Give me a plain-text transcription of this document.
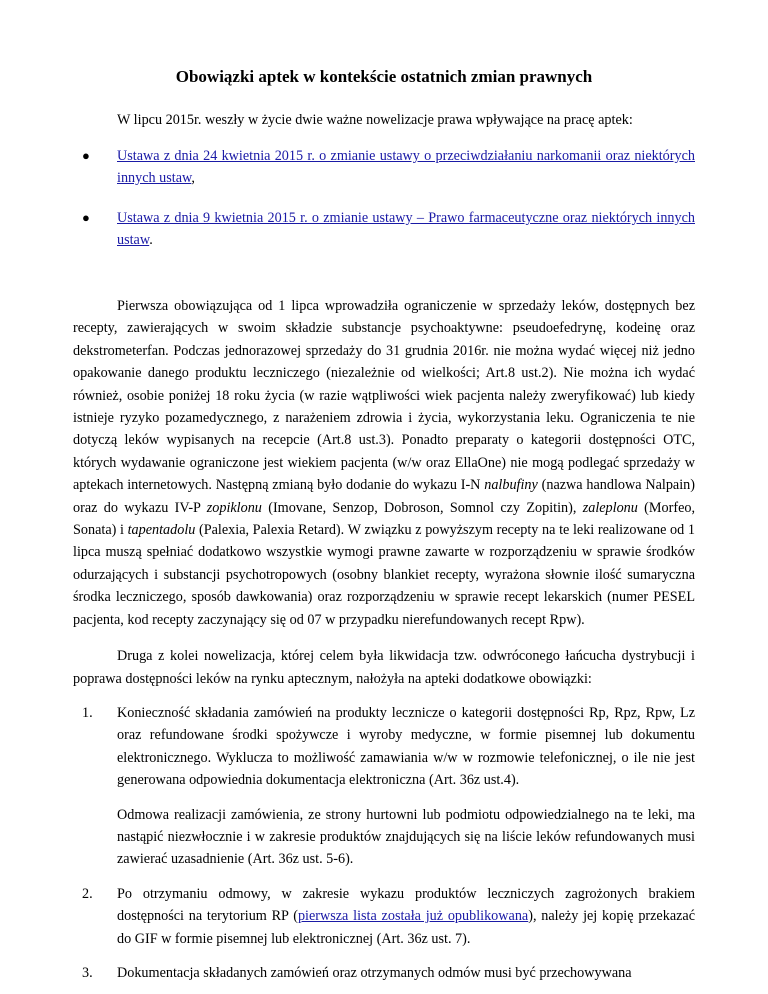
Obowiązki aptek w kontekście ostatnich zmian prawnych

W lipcu 2015r. weszły w życie dwie ważne nowelizacje prawa wpływające na pracę aptek:

● Ustawa z dnia 24 kwietnia 2015 r. o zmianie ustawy o przeciwdziałaniu narkomanii oraz niektórych innych ustaw,
● Ustawa z dnia 9 kwietnia 2015 r. o zmianie ustawy – Prawo farmaceutyczne oraz niektórych innych ustaw.

Pierwsza obowiązująca od 1 lipca wprowadziła ograniczenie w sprzedaży leków, dostępnych bez recepty, zawierających w swoim składzie substancje psychoaktywne: pseudoefedrynę, kodeinę oraz dekstrometerfan. Podczas jednorazowej sprzedaży do 31 grudnia 2016r. nie można wydać więcej niż jedno opakowanie danego produktu leczniczego (niezależnie od wielkości; Art.8 ust.2). Nie można ich wydać również, osobie poniżej 18 roku życia (w razie wątpliwości wiek pacjenta należy zweryfikować) lub kiedy istnieje ryzyko pozamedycznego, z narażeniem zdrowia i życia, wykorzystania leku. Ograniczenia te nie dotyczą leków wypisanych na recepcie (Art.8 ust.3). Ponadto preparaty o kategorii dostępności OTC, których wydawanie ograniczone jest wiekiem pacjenta (w/w oraz EllaOne) nie mogą podlegać sprzedaży w aptekach internetowych. Następną zmianą było dodanie do wykazu I-N nalbufiny (nazwa handlowa Nalpain) oraz do wykazu IV-P zopiklonu (Imovane, Senzop, Dobroson, Somnol czy Zopitin), zaleplonu (Morfeo, Sonata) i tapentadolu (Palexia, Palexia Retard). W związku z powyższym recepty na te leki realizowane od 1 lipca muszą spełniać dodatkowo wszystkie wymogi prawne zawarte w rozporządzeniu w sprawie środków odurzających i substancji psychotropowych (osobny blankiet recepty, wyrażona słownie ilość sumaryczna środka leczniczego, sposób dawkowania) oraz rozporządzeniu w sprawie recept lekarskich (numer PESEL pacjenta, kod recepty zaczynający się od 07 w przypadku nierefundowanych recept Rpw).

Druga z kolei nowelizacja, której celem była likwidacja tzw. odwróconego łańcucha dystrybucji i poprawa dostępności leków na rynku aptecznym, nałożyła na apteki dodatkowe obowiązki:

1. Konieczność składania zamówień na produkty lecznicze o kategorii dostępności Rp, Rpz, Rpw, Lz oraz refundowane środki spożywcze i wyroby medyczne, w formie pisemnej lub dokumentu elektronicznego. Wyklucza to możliwość zamawiania w/w w rozmowie telefonicznej, o ile nie jest generowana odpowiednia dokumentacja elektroniczna (Art. 36z ust.4).
Odmowa realizacji zamówienia, ze strony hurtowni lub podmiotu odpowiedzialnego na te leki, ma nastąpić niezwłocznie i w zakresie produktów znajdujących się na liście leków refundowanych musi zawierać uzasadnienie (Art. 36z ust. 5-6).
2. Po otrzymaniu odmowy, w zakresie wykazu produktów leczniczych zagrożonych brakiem dostępności na terytorium RP (pierwsza lista została już opublikowana), należy jej kopię przekazać do GIF w formie pisemnej lub elektronicznej (Art. 36z ust. 7).
3. Dokumentacja składanych zamówień oraz otrzymanych odmów musi być przechowywana
